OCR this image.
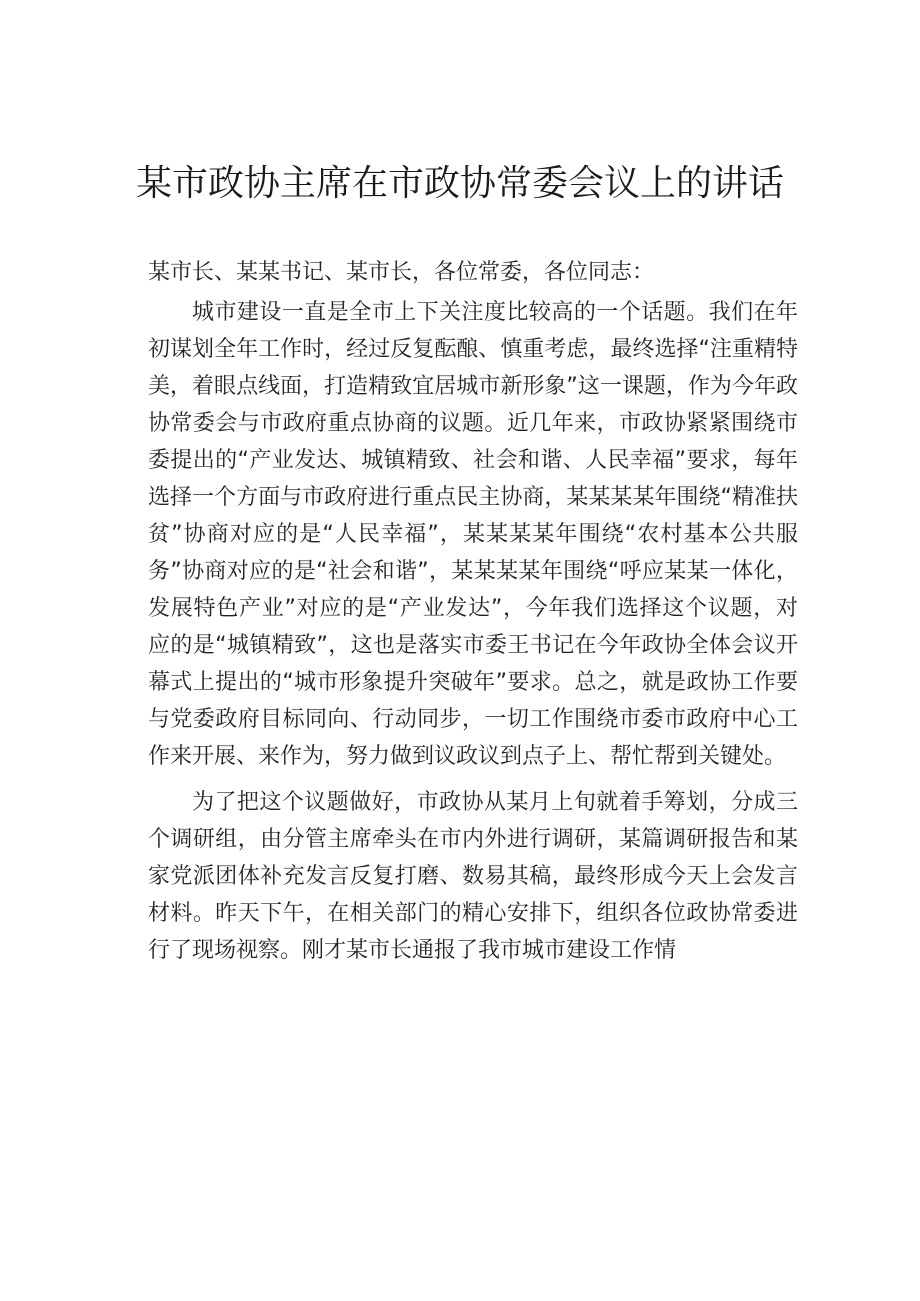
某市政协主席在市政协常委会议上的讲话

某市长、某某书记、某市长，各位常委，各位同志：

城市建设一直是全市上下关注度比较高的一个话题。我们在年初谋划全年工作时，经过反复酝酿、慎重考虑，最终选择“注重精特美，着眼点线面，打造精致宜居城市新形象”这一课题，作为今年政协常委会与市政府重点协商的议题。近几年来，市政协紧紧围绕市委提出的“产业发达、城镇精致、社会和谐、人民幸福”要求，每年选择一个方面与市政府进行重点民主协商，某某某某年围绕“精准扶贫”协商对应的是“人民幸福”，某某某某年围绕“农村基本公共服务”协商对应的是“社会和谐”，某某某某年围绕“呼应某某一体化，发展特色产业”对应的是“产业发达”，今年我们选择这个议题，对应的是“城镇精致”，这也是落实市委王书记在今年政协全体会议开幕式上提出的“城市形象提升突破年”要求。总之，就是政协工作要与党委政府目标同向、行动同步，一切工作围绕市委市政府中心工作来开展、来作为，努力做到议政议到点子上、帮忙帮到关键处。

为了把这个议题做好，市政协从某月上旬就着手筹划，分成三个调研组，由分管主席牵头在市内外进行调研，某篇调研报告和某家党派团体补充发言反复打磨、数易其稿，最终形成今天上会发言材料。昨天下午，在相关部门的精心安排下，组织各位政协常委进行了现场视察。刚才某市长通报了我市城市建设工作情
